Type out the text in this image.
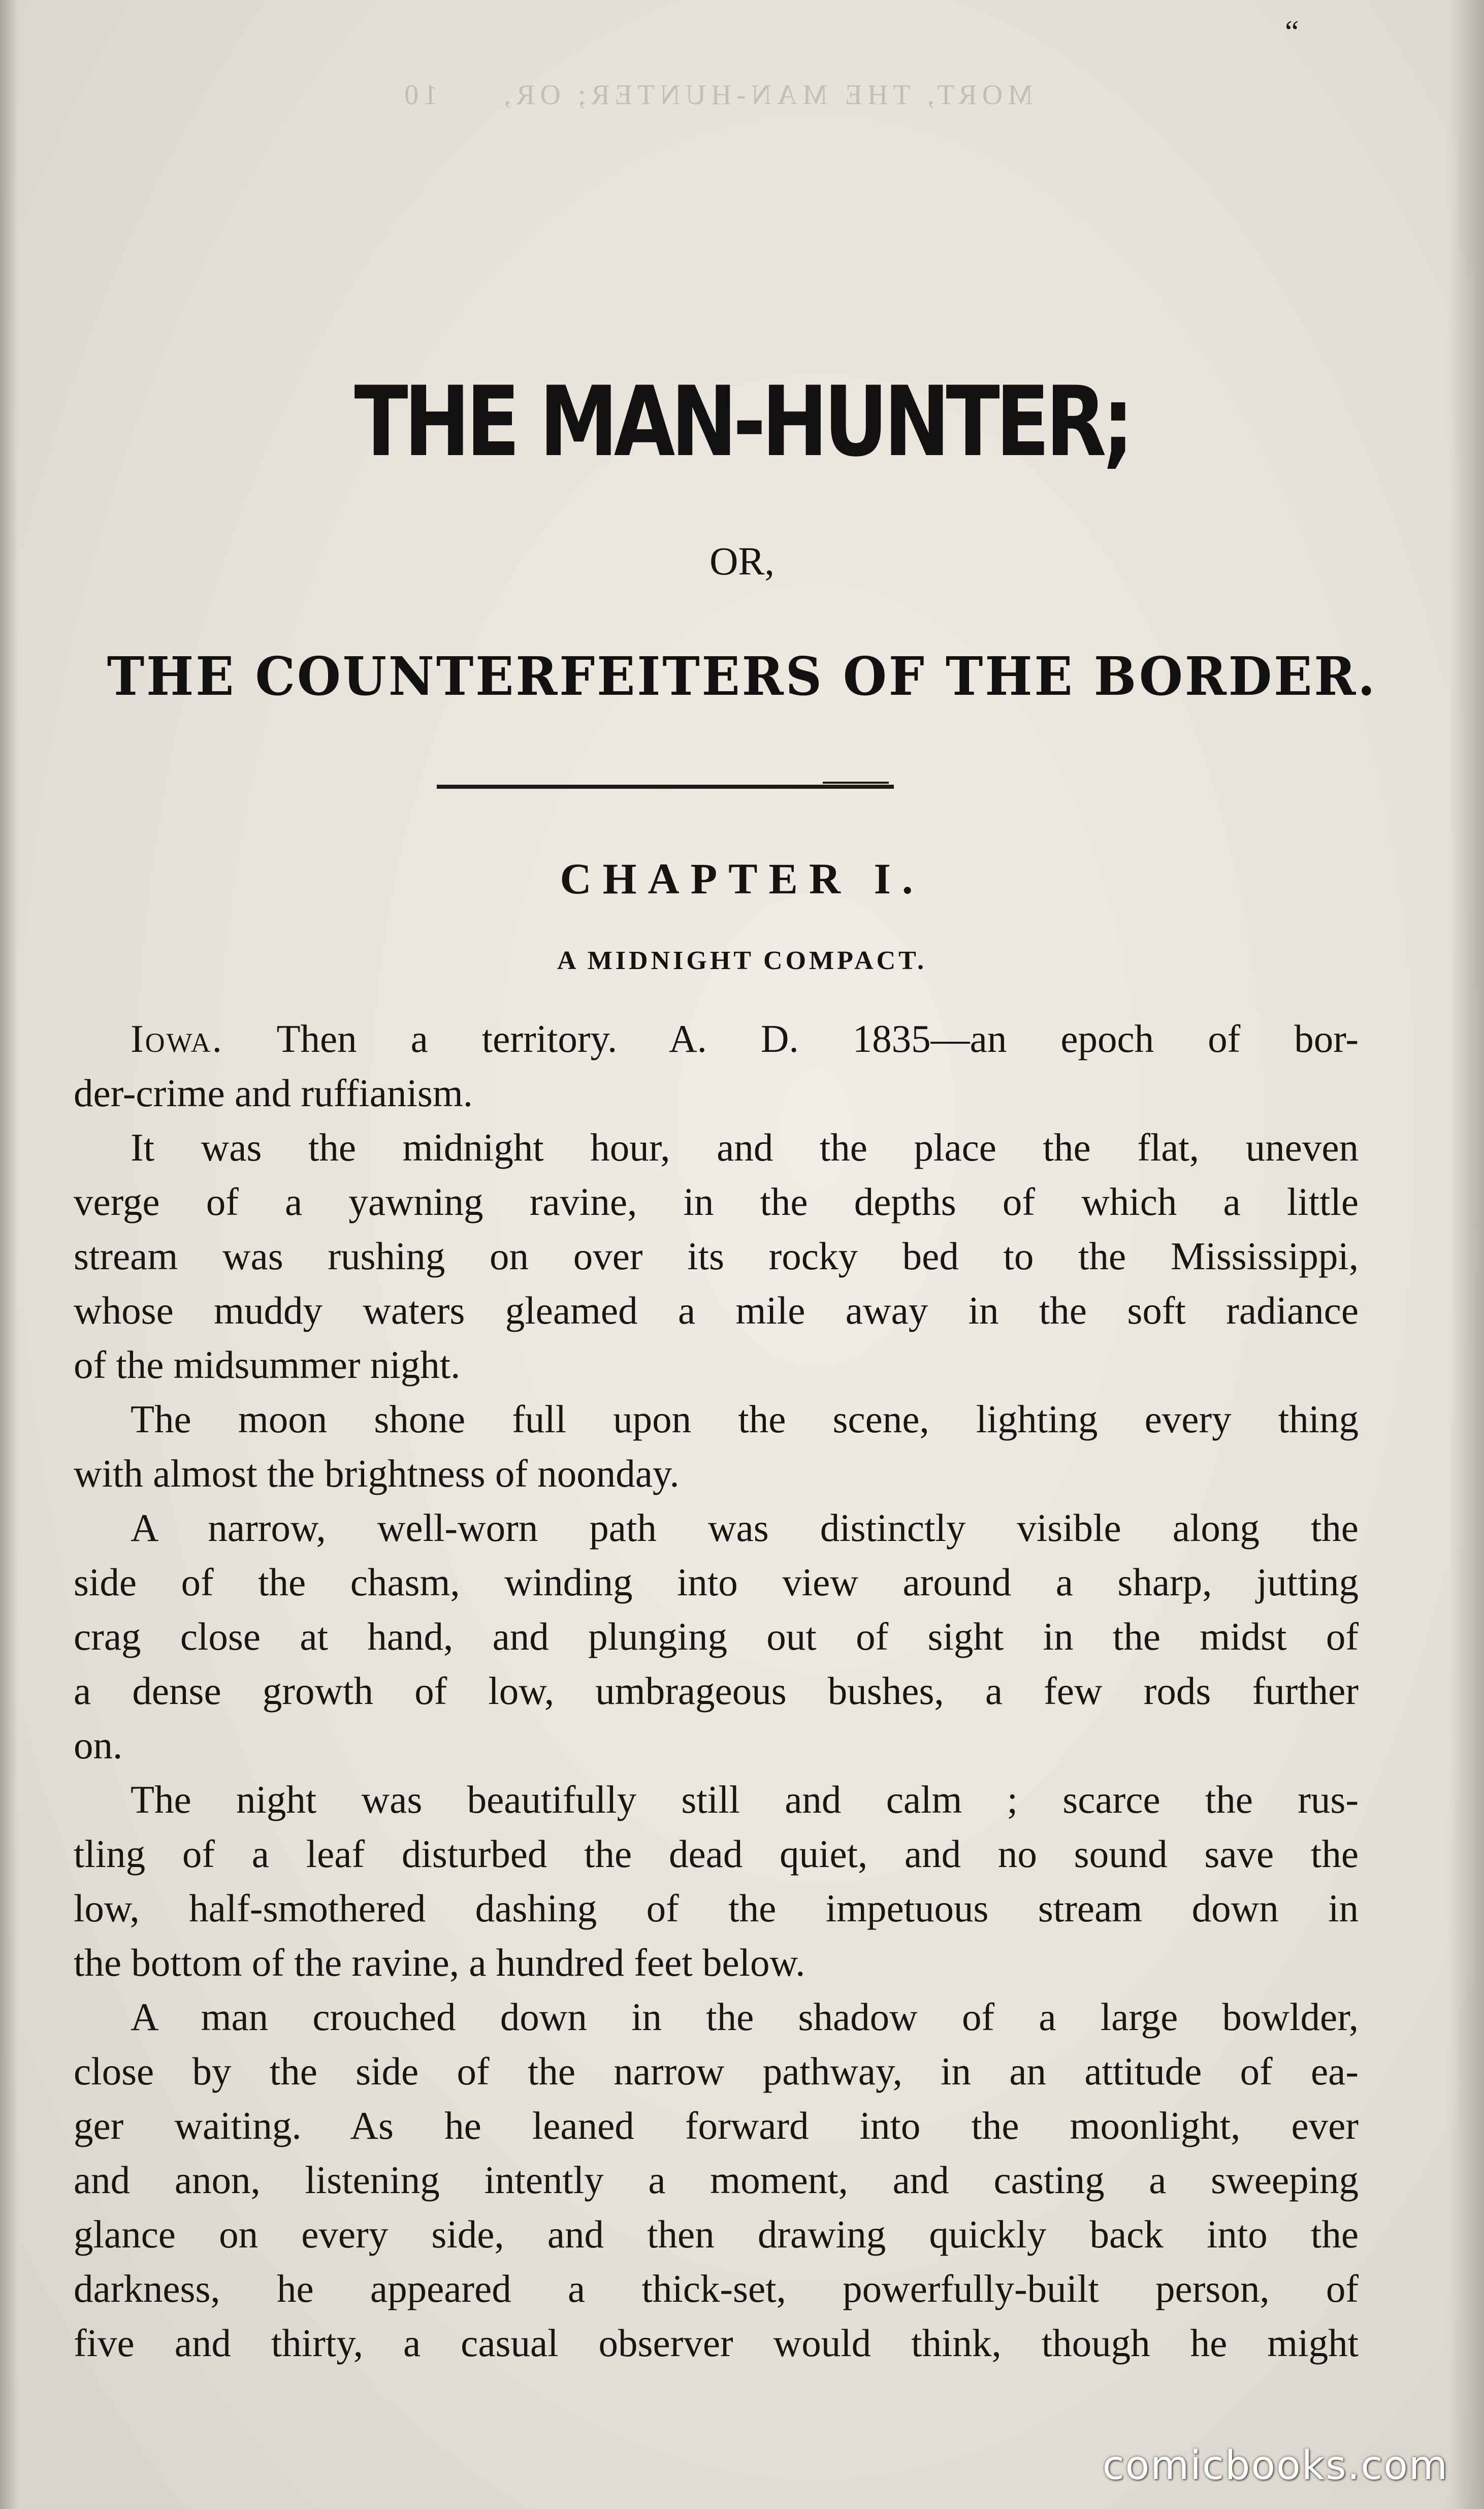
MORT, THE MAN-HUNTER; OR,     10
“
THE MAN-HUNTER;
OR,
THE COUNTERFEITERS OF THE BORDER.
CHAPTER I.
A MIDNIGHT COMPACT.
Iowa. Then a territory. A. D. 1835—an epoch of bor-
der-crime and ruffianism.
It was the midnight hour, and the place the flat, uneven
verge of a yawning ravine, in the depths of which a little
stream was rushing on over its rocky bed to the Mississippi,
whose muddy waters gleamed a mile away in the soft radiance
of the midsummer night.
The moon shone full upon the scene, lighting every thing
with almost the brightness of noonday.
A narrow, well-worn path was distinctly visible along the
side of the chasm, winding into view around a sharp, jutting
crag close at hand, and plunging out of sight in the midst of
a dense growth of low, umbrageous bushes, a few rods further
on.
The night was beautifully still and calm ; scarce the rus-
tling of a leaf disturbed the dead quiet, and no sound save the
low, half-smothered dashing of the impetuous stream down in
the bottom of the ravine, a hundred feet below.
A man crouched down in the shadow of a large bowlder,
close by the side of the narrow pathway, in an attitude of ea-
ger waiting. As he leaned forward into the moonlight, ever
and anon, listening intently a moment, and casting a sweeping
glance on every side, and then drawing quickly back into the
darkness, he appeared a thick-set, powerfully-built person, of
five and thirty, a casual observer would think, though he might
comicbooks.com
